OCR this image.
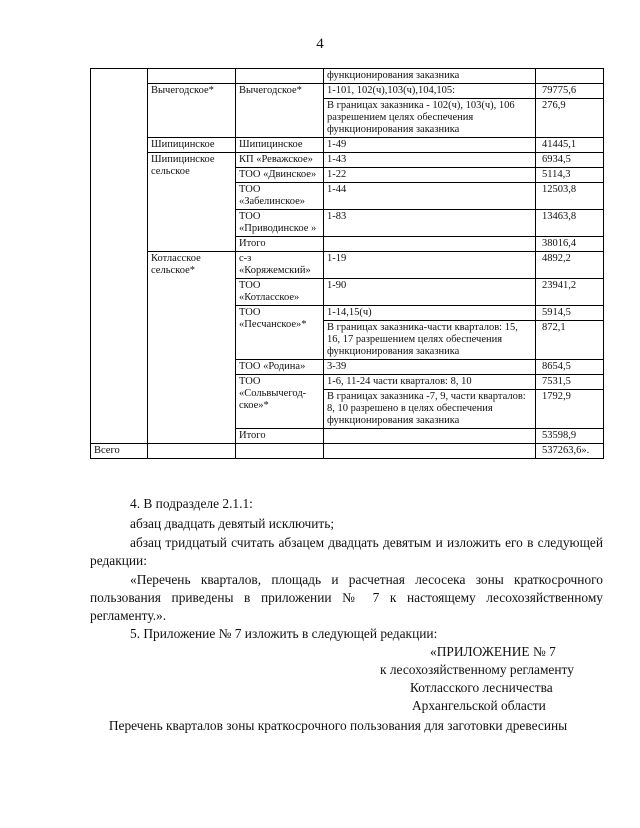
4
			функционирования заказника	
	Вычегодское*	Вычегодское*	1-101, 102(ч),103(ч),104,105:	79775,6
			В границах заказника - 102(ч), 103(ч), 106 разрешением целях обеспечения функционирования заказника	276,9
	Шипицинское	Шипицинское	1-49	41445,1
	Шипицинское сельское	КП «Реважское»	1-43	6934,5
		ТОО «Двинское»	1-22	5114,3
		ТОО «Забелинское»	1-44	12503,8
		ТОО «Приводинское »	1-83	13463,8
		Итого		38016,4
	Котласское сельское*	с-з «Коряжемский»	1-19	4892,2
		ТОО «Котласское»	1-90	23941,2
		ТОО «Песчанское»*	1-14,15(ч)	5914,5
			В границах заказника-части кварталов: 15, 16, 17 разрешением целях обеспечения функционирования заказника	872,1
		ТОО «Родина»	3-39	8654,5
		ТОО «Сольвычегод-ское»*	1-6, 11-24 части кварталов: 8, 10	7531,5
			В границах заказника -7, 9, части кварталов: 8, 10 разрешено в целях обеспечения функционирования заказника	1792,9
		Итого		53598,9
Всего				537263,6».
4. В подразделе 2.1.1:
абзац двадцать девятый исключить;
абзац тридцатый считать абзацем двадцать девятым и изложить его в следующей редакции:
«Перечень кварталов, площадь и расчетная лесосека зоны краткосрочного пользования приведены в приложении № 7 к настоящему лесохозяйственному регламенту.».
5. Приложение № 7 изложить в следующей редакции:
«ПРИЛОЖЕНИЕ № 7
к лесохозяйственному регламенту
Котласского лесничества
Архангельской области
Перечень кварталов зоны краткосрочного пользования для заготовки древесины
